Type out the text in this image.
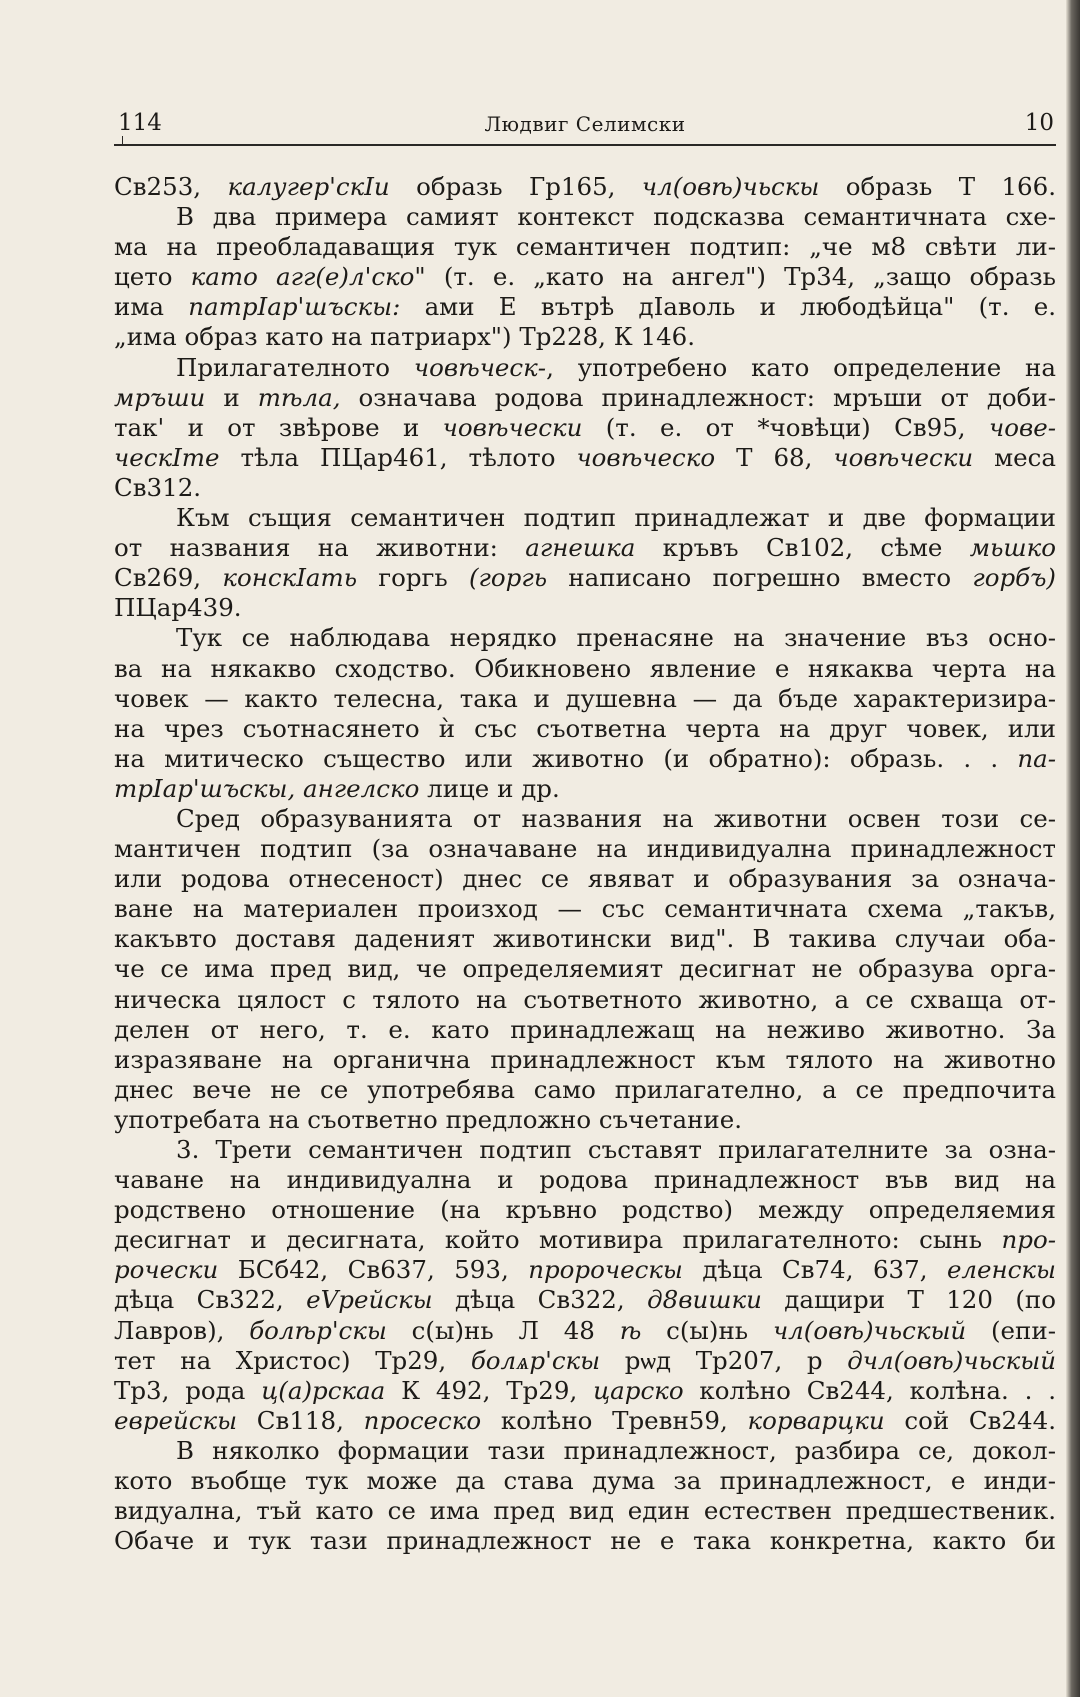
114	Людвиг Селимски	10
Св253, калугер'скІи образь Гр165, чл(овѣ)чьскы образь Т 166.
В два примера самият контекст подсказва семантичната схе-
ма на преобладаващия тук семантичен подтип: „че м8 свѣти ли-
цето като агг(е)л'ско" (т. е. „като на ангел") Тр34, „защо образь
има патрІар'шъскы: ами Е вътрѣ дІаволь и любодѣйца" (т. е.
„има образ като на патриарх") Тр228, К 146.
Прилагателното човѣческ-, употребено като определение на
мръши и тѣла, означава родова принадлежност: мръши от доби-
так' и от звѣрове и човѣчески (т. е. от *човѣци) Св95, чове-
ческІте тѣла ПЦар461, тѣлото човѣческо Т 68, човѣчески меса
Св312.
Към същия семантичен подтип принадлежат и две формации
от названия на животни: агнешка кръвъ Св102, сѣме мьшко
Св269, конскІать горгь (горгь написано погрешно вместо горбъ)
ПЦар439.
Тук се наблюдава нерядко пренасяне на значение въз осно-
ва на някакво сходство. Обикновено явление е някаква черта на
човек — както телесна, така и душевна — да бъде характеризира-
на чрез съотнасянето ѝ със съответна черта на друг човек, или
на митическо същество или животно (и обратно): образь. . . па-
трІар'шъскы, ангелско лице и др.
Сред образуванията от названия на животни освен този се-
мантичен подтип (за означаване на индивидуална принадлежност
или родова отнесеност) днес се явяват и образувания за означа-
ване на материален произход — със семантичната схема „такъв,
какъвто доставя даденият животински вид". В такива случаи оба-
че се има пред вид, че определяемият десигнат не образува орга-
ническа цялост с тялото на съответното животно, а се схваща от-
делен от него, т. е. като принадлежащ на неживо животно. За
изразяване на органична принадлежност към тялото на животно
днес вече не се употребява само прилагателно, а се предпочита
употребата на съответно предложно съчетание.
3. Трети семантичен подтип съставят прилагателните за озна-
чаване на индивидуална и родова принадлежност във вид на
родствено отношение (на кръвно родство) между определяемия
десигнат и десигната, който мотивира прилагателното: сынь про-
рочески БСб42, Св637, 593, пророческы дѣца Св74, 637, еленскы
дѣца Св322, еVрейскы дѣца Св322, д8вишки дащири Т 120 (по
Лавров), болѣр'скы с(ы)нь Л 48 ѣ с(ы)нь чл(овѣ)чьскый (епи-
тет на Христос) Тр29, болѧр'скы рѡд Тр207, р дчл(овѣ)чьскый
Тр3, рода ц(а)рскаа К 492, Тр29, царско колѣно Св244, колѣна. . .
еврейскы Св118, просеско колѣно Тревн59, корварцки сой Св244.
В няколко формации тази принадлежност, разбира се, докол-
кото въобще тук може да става дума за принадлежност, е инди-
видуална, тъй като се има пред вид един естествен предшественик.
Обаче и тук тази принадлежност не е така конкретна, както би
